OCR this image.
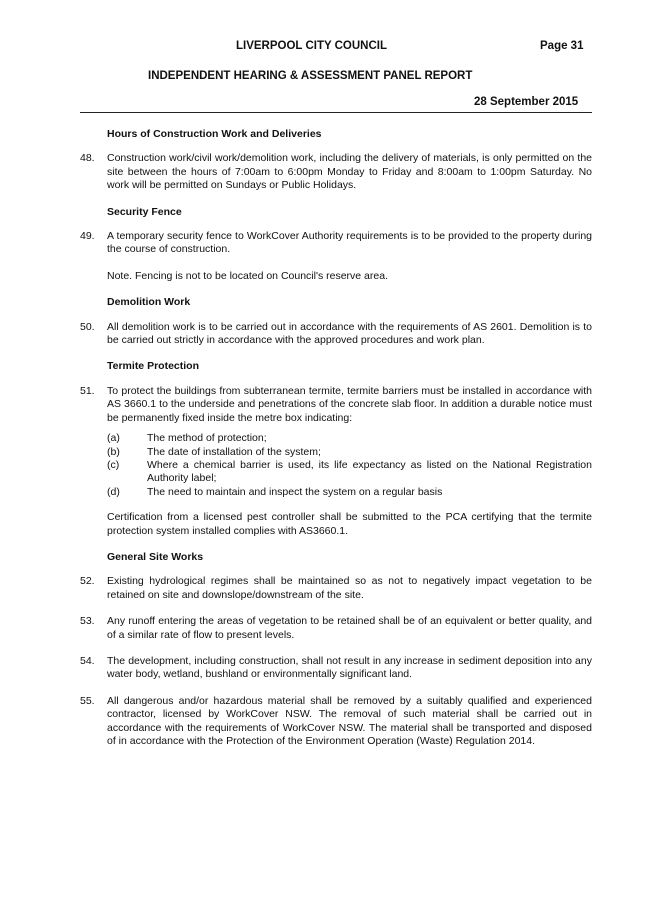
LIVERPOOL CITY COUNCIL	Page 31
INDEPENDENT HEARING & ASSESSMENT PANEL REPORT
28 September 2015
Hours of Construction Work and Deliveries
48.	Construction work/civil work/demolition work, including the delivery of materials, is only permitted on the site between the hours of 7:00am to 6:00pm Monday to Friday and 8:00am to 1:00pm Saturday. No work will be permitted on Sundays or Public Holidays.

Security Fence
49.	A temporary security fence to WorkCover Authority requirements is to be provided to the property during the course of construction.

Note. Fencing is not to be located on Council's reserve area.

Demolition Work
50.	All demolition work is to be carried out in accordance with the requirements of AS 2601. Demolition is to be carried out strictly in accordance with the approved procedures and work plan.

Termite Protection
51.	To protect the buildings from subterranean termite, termite barriers must be installed in accordance with AS 3660.1 to the underside and penetrations of the concrete slab floor. In addition a durable notice must be permanently fixed inside the metre box indicating:

(a)	The method of protection;
(b)	The date of installation of the system;
(c)	Where a chemical barrier is used, its life expectancy as listed on the National Registration Authority label;
(d)	The need to maintain and inspect the system on a regular basis

Certification from a licensed pest controller shall be submitted to the PCA certifying that the termite protection system installed complies with AS3660.1.

General Site Works
52.	Existing hydrological regimes shall be maintained so as not to negatively impact vegetation to be retained on site and downslope/downstream of the site.

53.	Any runoff entering the areas of vegetation to be retained shall be of an equivalent or better quality, and of a similar rate of flow to present levels.

54.	The development, including construction, shall not result in any increase in sediment deposition into any water body, wetland, bushland or environmentally significant land.

55.	All dangerous and/or hazardous material shall be removed by a suitably qualified and experienced contractor, licensed by WorkCover NSW. The removal of such material shall be carried out in accordance with the requirements of WorkCover NSW. The material shall be transported and disposed of in accordance with the Protection of the Environment Operation (Waste) Regulation 2014.
